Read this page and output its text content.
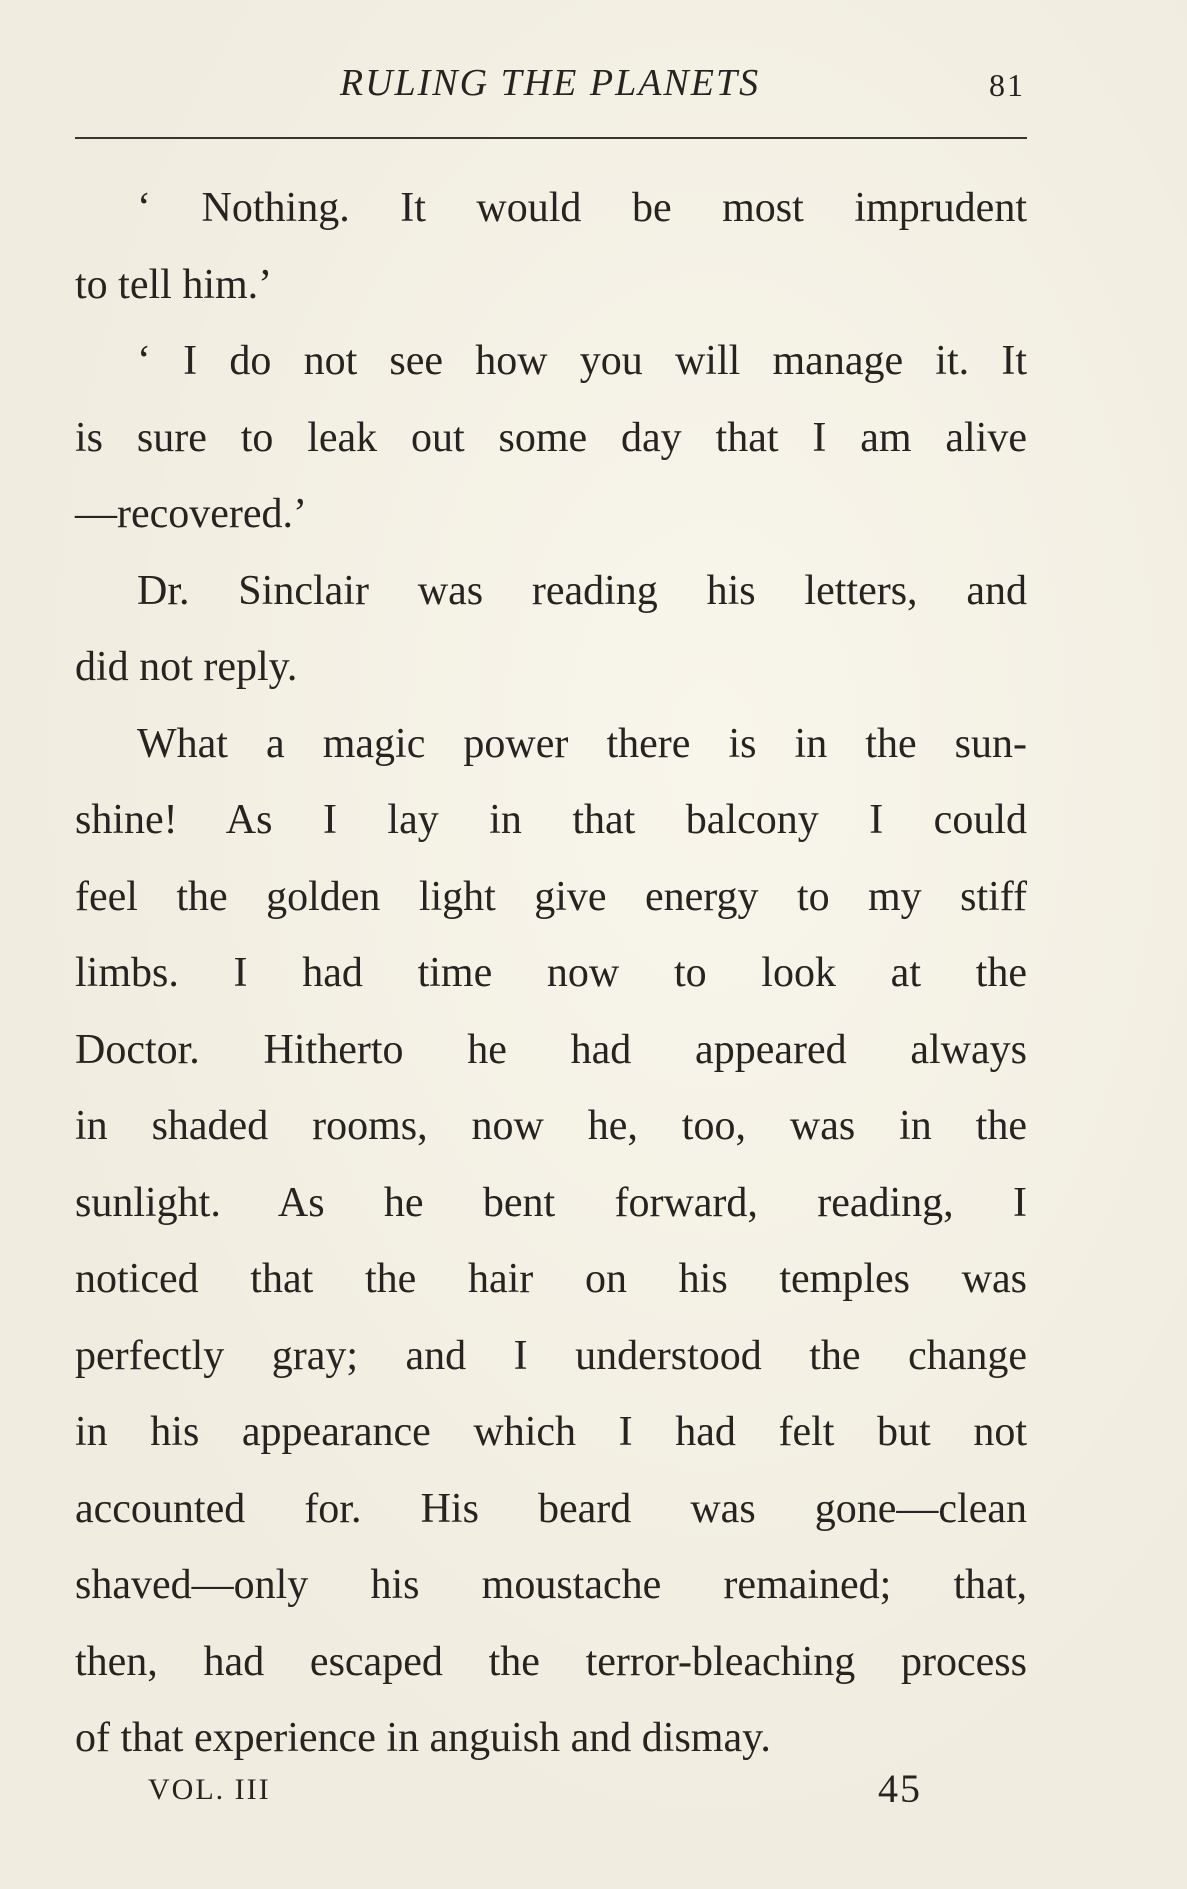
RULING THE PLANETS	81
‘ Nothing. It would be most imprudent
to tell him.’
‘ I do not see how you will manage it. It
is sure to leak out some day that I am alive
—recovered.’
Dr. Sinclair was reading his letters, and
did not reply.
What a magic power there is in the sun-
shine! As I lay in that balcony I could
feel the golden light give energy to my stiff
limbs. I had time now to look at the
Doctor. Hitherto he had appeared always
in shaded rooms, now he, too, was in the
sunlight. As he bent forward, reading, I
noticed that the hair on his temples was
perfectly gray; and I understood the change
in his appearance which I had felt but not
accounted for. His beard was gone—clean
shaved—only his moustache remained; that,
then, had escaped the terror-bleaching process
of that experience in anguish and dismay.
VOL. III	45
